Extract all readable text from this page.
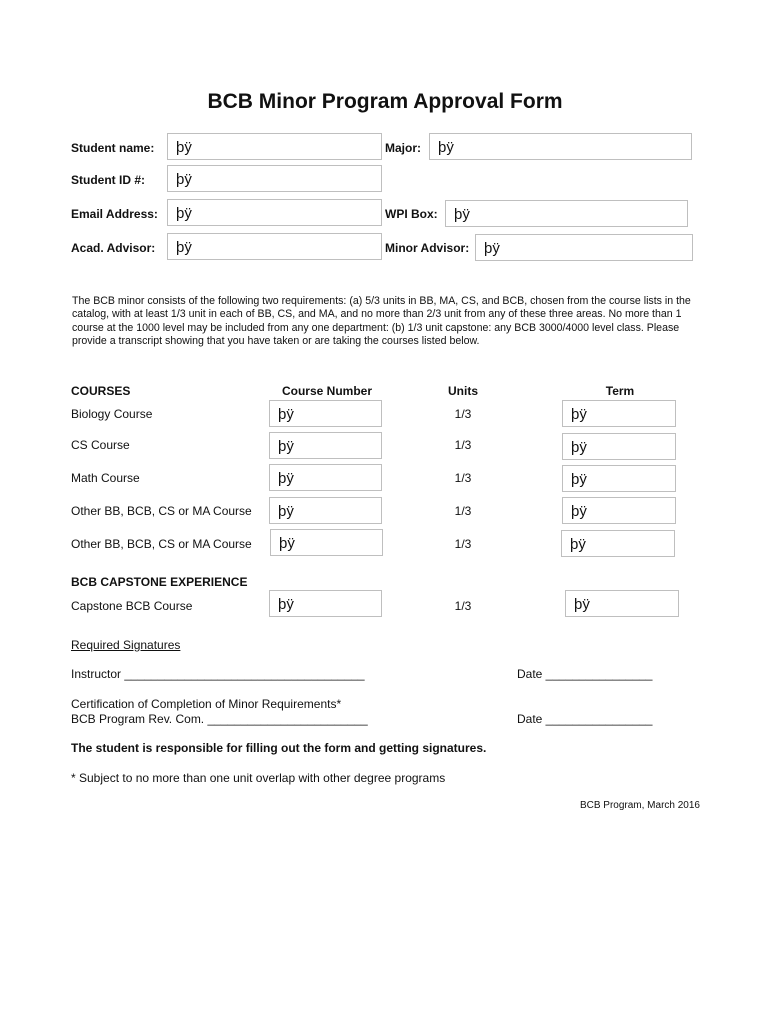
BCB Minor Program Approval Form
Student name:	þÿ	Major:	þÿ
Student ID #:	þÿ
Email Address:	þÿ	WPI Box:	þÿ
Acad. Advisor:	þÿ	Minor Advisor: þÿ
The BCB minor consists of the following two requirements: (a) 5/3 units in BB, MA, CS, and BCB, chosen from the course lists in the catalog, with at least 1/3 unit in each of BB, CS, and MA, and no more than 2/3 unit from any of these three areas. No more than 1 course at the 1000 level may be included from any one department: (b) 1/3 unit capstone: any BCB 3000/4000 level class. Please provide a transcript showing that you have taken or are taking the courses listed below.
COURSES	Course Number	Units	Term
Biology Course	þÿ	1/3	þÿ
CS Course	þÿ	1/3	þÿ
Math Course	þÿ	1/3	þÿ
Other BB, BCB, CS or MA Course	þÿ	1/3	þÿ
Other BB, BCB, CS or MA Course	þÿ	1/3	þÿ
BCB CAPSTONE EXPERIENCE
Capstone BCB Course	þÿ	1/3	þÿ
Required Signatures
Instructor ____________________________________	Date ________________
Certification of Completion of Minor Requirements*
BCB Program Rev. Com. ________________________	Date ________________
The student is responsible for filling out the form and getting signatures.
* Subject to no more than one unit overlap with other degree programs
BCB Program, March 2016
